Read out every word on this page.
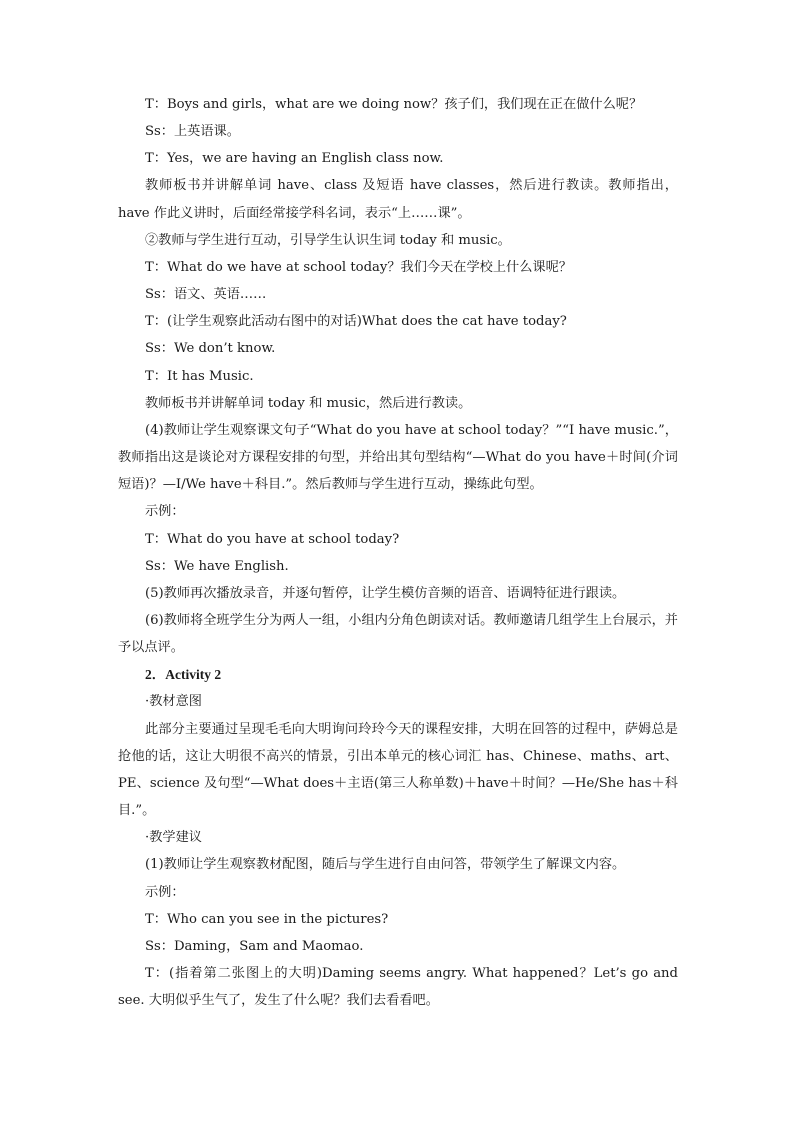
T：Boys and girls，what are we doing now？孩子们，我们现在正在做什么呢？

Ss：上英语课。

T：Yes，we are having an English class now.

教师板书并讲解单词 have、class 及短语 have classes，然后进行教读。教师指出，have 作此义讲时，后面经常接学科名词，表示“上……课”。

②教师与学生进行互动，引导学生认识生词 today 和 music。

T：What do we have at school today？我们今天在学校上什么课呢？

Ss：语文、英语……

T：(让学生观察此活动右图中的对话)What does the cat have today?

Ss：We don’t know.

T：It has Music.

教师板书并讲解单词 today 和 music，然后进行教读。

(4)教师让学生观察课文句子“What do you have at school today？”“I have music.”，教师指出这是谈论对方课程安排的句型，并给出其句型结构“—What do you have＋时间(介词短语)？—I/We have＋科目.”。然后教师与学生进行互动，操练此句型。

示例：

T：What do you have at school today?

Ss：We have English.

(5)教师再次播放录音，并逐句暂停，让学生模仿音频的语音、语调特征进行跟读。

(6)教师将全班学生分为两人一组，小组内分角色朗读对话。教师邀请几组学生上台展示，并予以点评。

2．Activity 2

·教材意图

此部分主要通过呈现毛毛向大明询问玲玲今天的课程安排，大明在回答的过程中，萨姆总是抢他的话，这让大明很不高兴的情景，引出本单元的核心词汇 has、Chinese、maths、art、PE、science 及句型“—What does＋主语(第三人称单数)＋have＋时间？—He/She has＋科目.”。

·教学建议

(1)教师让学生观察教材配图，随后与学生进行自由问答，带领学生了解课文内容。

示例：

T：Who can you see in the pictures?

Ss：Daming，Sam and Maomao.

T：(指着第二张图上的大明)Daming seems angry. What happened？Let’s go and see. 大明似乎生气了，发生了什么呢？我们去看看吧。
